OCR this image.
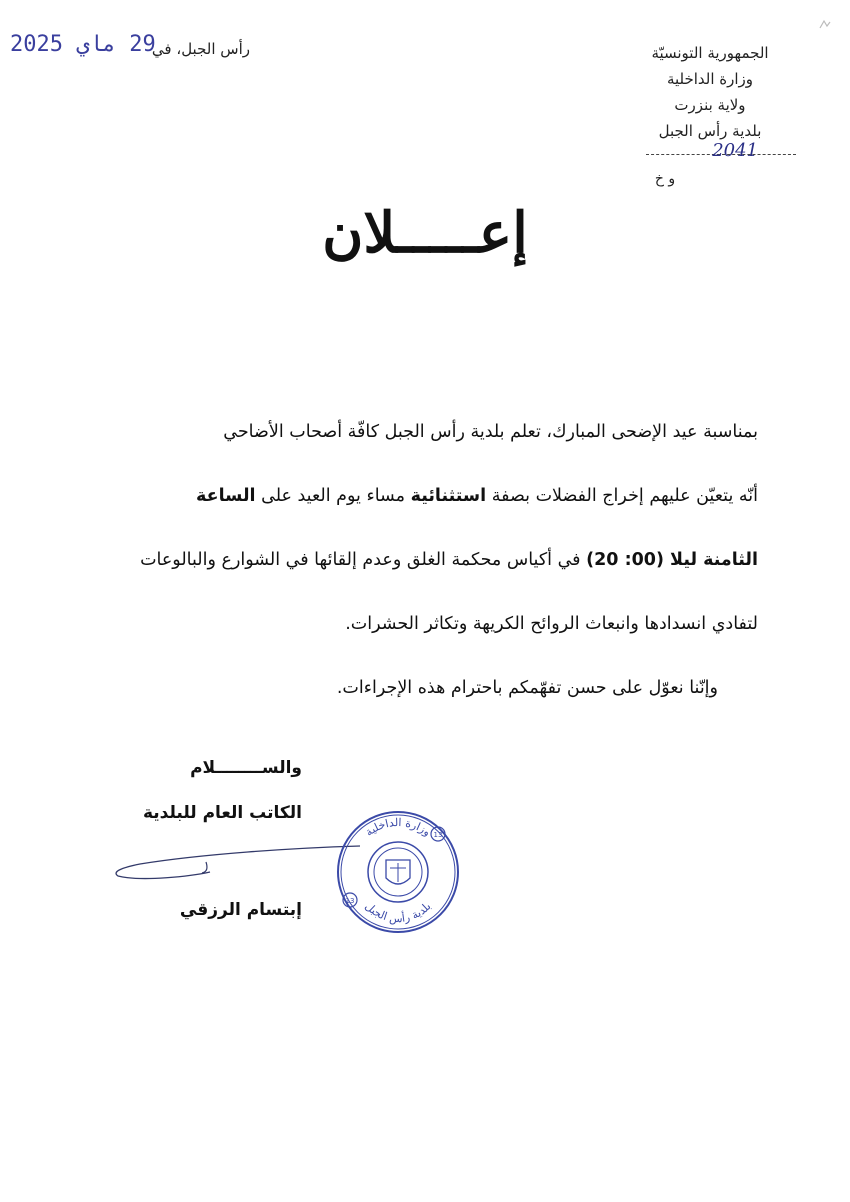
الجمهورية التونسيّة
وزارة الداخلية
ولاية بنزرت
بلدية رأس الجبل
2041
و خ
رأس الجبل، في
29 ماي 2025
إعـــــلان

بمناسبة عيد الإضحى المبارك، تعلم بلدية رأس الجبل كافّة أصحاب الأضاحي

أنّه يتعيّن عليهم إخراج الفضلات بصفة استثنائية مساء يوم العيد على الساعة

الثامنة ليلا (00: 20) في أكياس محكمة الغلق وعدم إلقائها في الشوارع والبالوعات

لتفادي انسدادها وانبعاث الروائح الكريهة وتكاثر الحشرات.

وإنّنا نعوّل على حسن تفهّمكم باحترام هذه الإجراءات.

والســــــــلام
الكاتب العام للبلدية
إبتسام الرزقي	13
13
وزارة الداخلية
بلدية رأس الجبل
